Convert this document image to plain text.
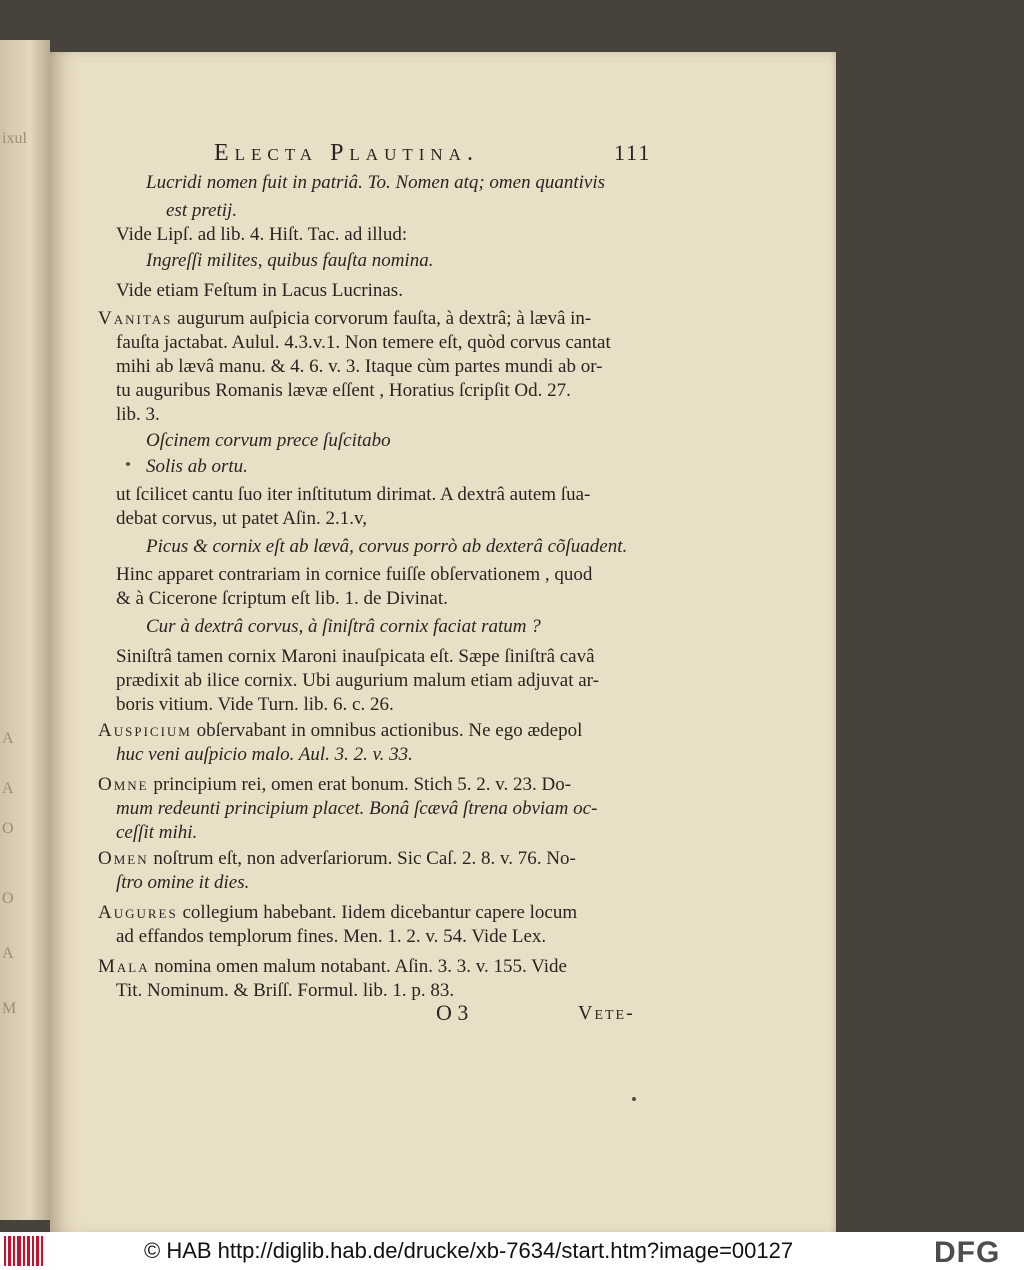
ixul
A
A
O
O
A
M
Electa Plautina.	111
Lucridi nomen fuit in patriâ. To. Nomen atq; omen quantivis
est pretij.
Vide Lipſ. ad lib. 4. Hiſt. Tac. ad illud:
Ingreſſi milites, quibus fauſta nomina.
Vide etiam Feſtum in Lacus Lucrinas.
Vanitas augurum auſpicia corvorum fauſta, à dextrâ; à lævâ in-
fauſta jactabat. Aulul. 4.3.v.1. Non temere eſt, quòd corvus cantat
mihi ab lævâ manu. & 4. 6. v. 3. Itaque cùm partes mundi ab or-
tu auguribus Romanis lævæ eſſent , Horatius ſcripſit Od. 27.
lib. 3.
Oſcinem corvum prece ſuſcitabo
Solis ab ortu.
ut ſcilicet cantu ſuo iter inſtitutum dirimat. A dextrâ autem ſua-
debat corvus, ut patet Aſin. 2.1.v,
Picus & cornix eſt ab lævâ, corvus porrò ab dexterâ cõſuadent.
Hinc apparet contrariam in cornice fuiſſe obſervationem , quod
& à Cicerone ſcriptum eſt lib. 1. de Divinat.
Cur à dextrâ corvus, à ſiniſtrâ cornix faciat ratum ?
Siniſtrâ tamen cornix Maroni inauſpicata eſt. Sæpe ſiniſtrâ cavâ
prædixit ab ilice cornix. Ubi augurium malum etiam adjuvat ar-
boris vitium. Vide Turn. lib. 6. c. 26.
Auspicium obſervabant in omnibus actionibus. Ne ego ædepol
huc veni auſpicio malo. Aul. 3. 2. v. 33.
Omne principium rei, omen erat bonum. Stich 5. 2. v. 23. Do-
mum redeunti principium placet. Bonâ ſcævâ ſtrena obviam oc-
ceſſit mihi.
Omen noſtrum eſt, non adverſariorum. Sic Caſ. 2. 8. v. 76. No-
ſtro omine it dies.
Augures collegium habebant. Iidem dicebantur capere locum
ad effandos templorum fines. Men. 1. 2. v. 54. Vide Lex.
Mala nomina omen malum notabant. Aſin. 3. 3. v. 155. Vide
Tit. Nominum. & Briſſ. Formul. lib. 1. p. 83.
O 3	Vete-
© HAB http://diglib.hab.de/drucke/xb-7634/start.htm?image=00127	DFG
